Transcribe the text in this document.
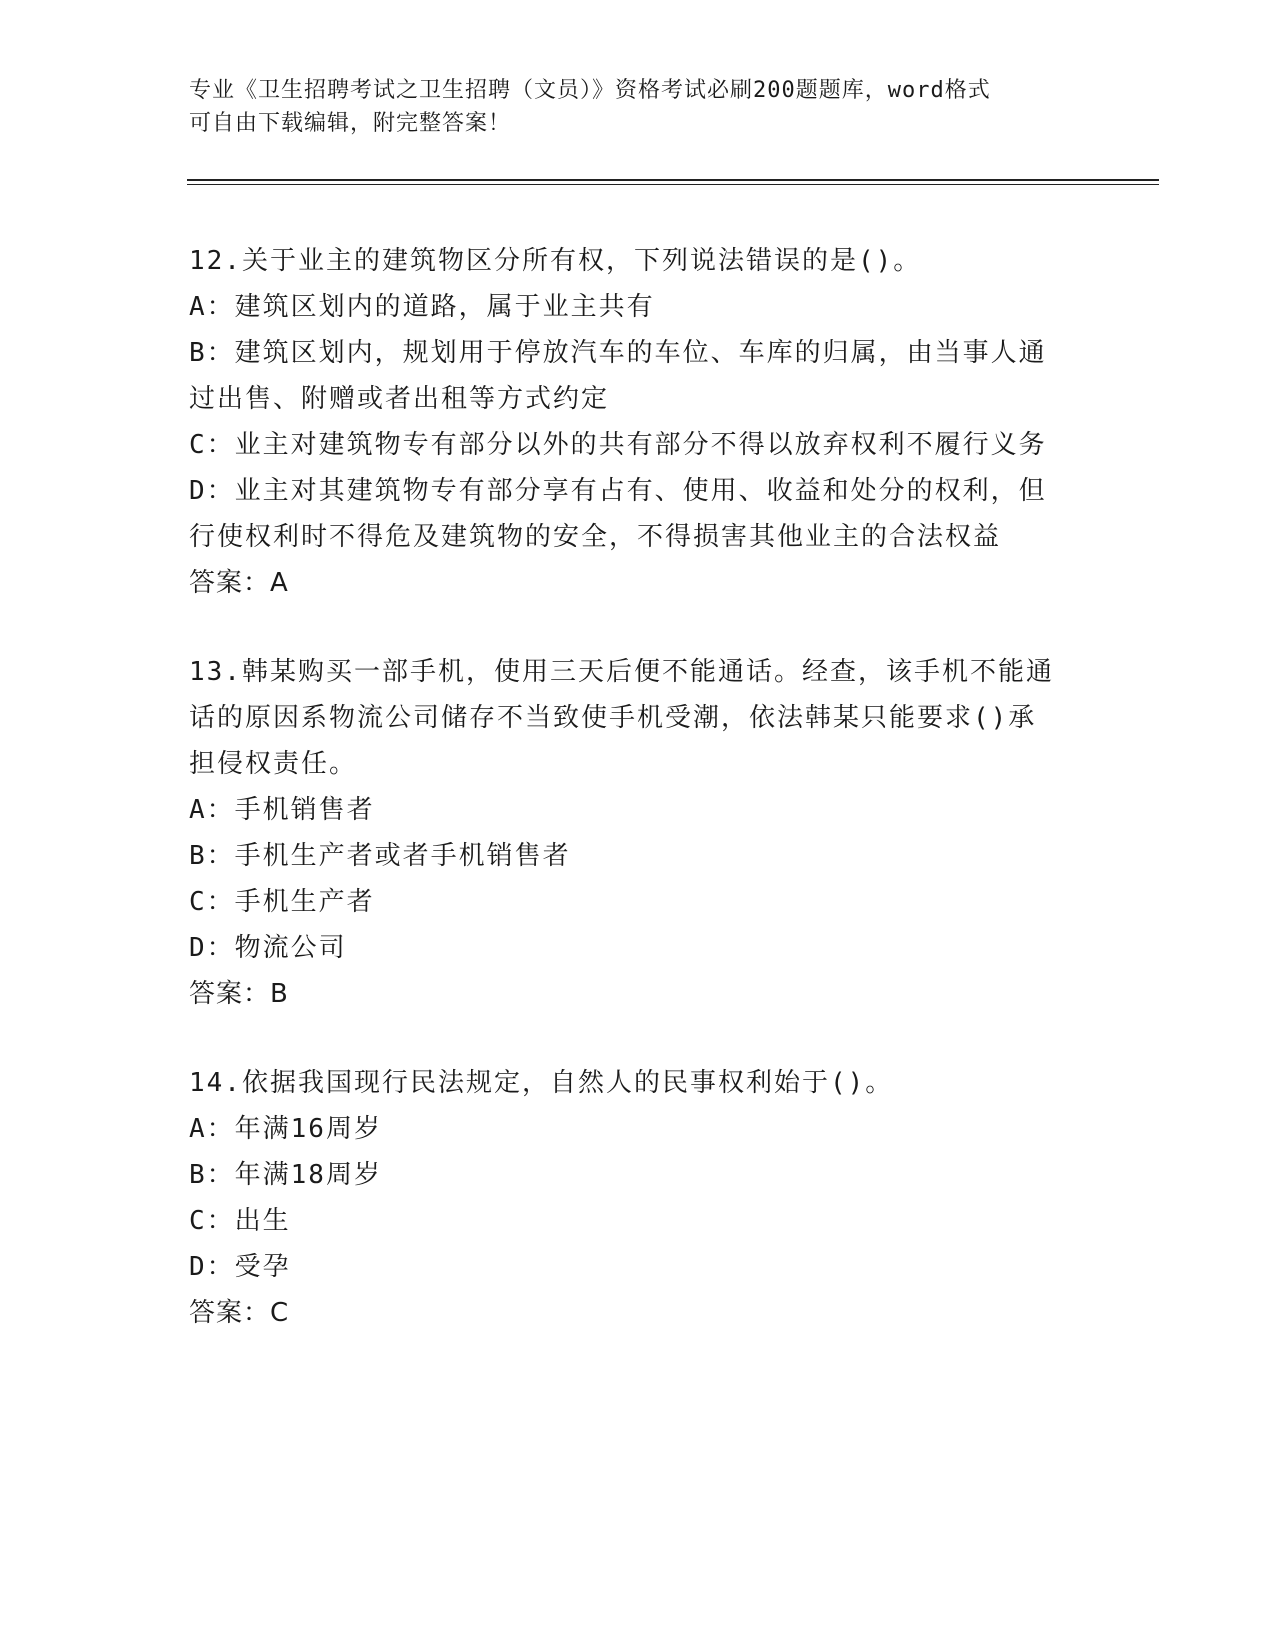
专业《卫生招聘考试之卫生招聘（文员）》资格考试必刷200题题库，word格式
可自由下载编辑，附完整答案！
12.关于业主的建筑物区分所有权，下列说法错误的是()。
A：建筑区划内的道路，属于业主共有
B：建筑区划内，规划用于停放汽车的车位、车库的归属，由当事人通
过出售、附赠或者出租等方式约定
C：业主对建筑物专有部分以外的共有部分不得以放弃权利不履行义务
D：业主对其建筑物专有部分享有占有、使用、收益和处分的权利，但
行使权利时不得危及建筑物的安全，不得损害其他业主的合法权益
答案：A
13.韩某购买一部手机，使用三天后便不能通话。经查，该手机不能通
话的原因系物流公司储存不当致使手机受潮，依法韩某只能要求()承
担侵权责任。
A：手机销售者
B：手机生产者或者手机销售者
C：手机生产者
D：物流公司
答案：B
14.依据我国现行民法规定，自然人的民事权利始于()。
A：年满16周岁
B：年满18周岁
C：出生
D：受孕
答案：C
